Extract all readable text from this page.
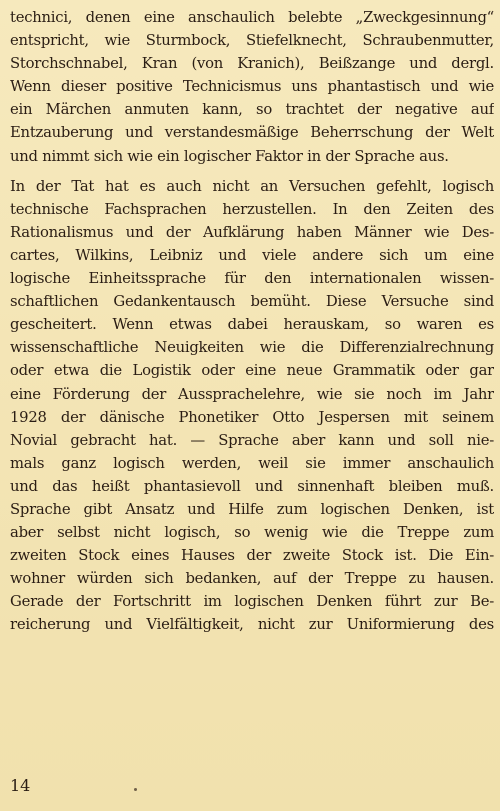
technici, denen eine anschaulich belebte „Zweckgesinnung“
entspricht, wie Sturmbock, Stiefelknecht, Schraubenmutter,
Storchschnabel, Kran (von Kranich), Beißzange und dergl.
Wenn dieser positive Technicismus uns phantastisch und wie
ein Märchen anmuten kann, so trachtet der negative auf
Entzauberung und verstandesmäßige Beherrschung der Welt
und nimmt sich wie ein logischer Faktor in der Sprache aus.
In der Tat hat es auch nicht an Versuchen gefehlt, logisch
technische Fachsprachen herzustellen. In den Zeiten des
Rationalismus und der Aufklärung haben Männer wie Des-
cartes, Wilkins, Leibniz und viele andere sich um eine
logische Einheitssprache für den internationalen wissen-
schaftlichen Gedankentausch bemüht. Diese Versuche sind
gescheitert. Wenn etwas dabei herauskam, so waren es
wissenschaftliche Neuigkeiten wie die Differenzialrechnung
oder etwa die Logistik oder eine neue Grammatik oder gar
eine Förderung der Aussprachelehre, wie sie noch im Jahr
1928 der dänische Phonetiker Otto Jespersen mit seinem
Novial gebracht hat. — Sprache aber kann und soll nie-
mals ganz logisch werden, weil sie immer anschaulich
und das heißt phantasievoll und sinnenhaft bleiben muß.
Sprache gibt Ansatz und Hilfe zum logischen Denken, ist
aber selbst nicht logisch, so wenig wie die Treppe zum
zweiten Stock eines Hauses der zweite Stock ist. Die Ein-
wohner würden sich bedanken, auf der Treppe zu hausen.
Gerade der Fortschritt im logischen Denken führt zur Be-
reicherung und Vielfältigkeit, nicht zur Uniformierung des
14
